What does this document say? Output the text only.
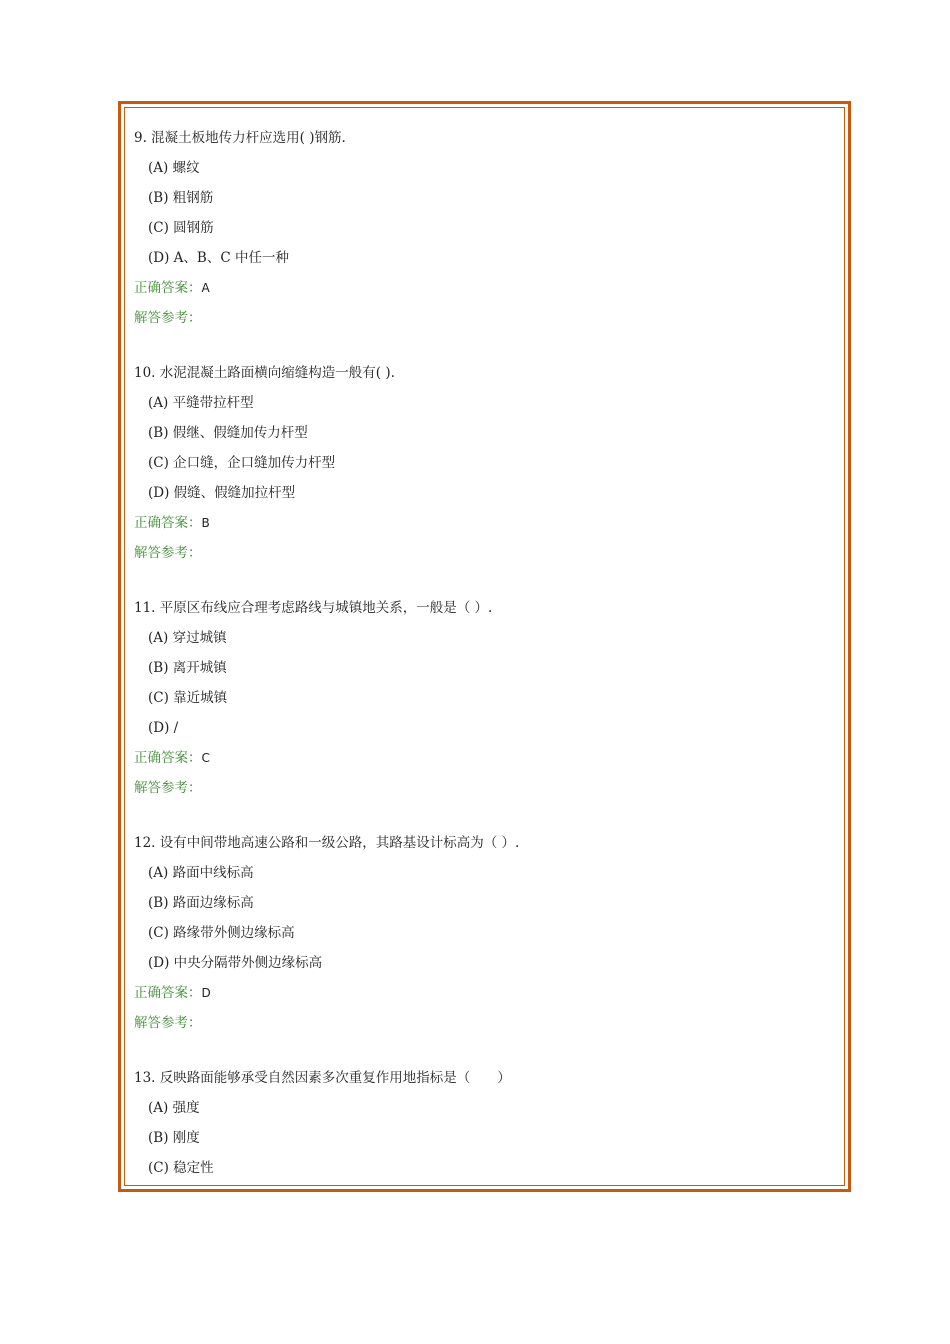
9. 混凝土板地传力杆应选用( )钢筋.
(A) 螺纹
(B) 粗钢筋
(C) 圆钢筋
(D) A、B、C 中任一种
正确答案：A
解答参考：
10. 水泥混凝土路面横向缩缝构造一般有( ).
(A) 平缝带拉杆型
(B) 假继、假缝加传力杆型
(C) 企口缝，企口缝加传力杆型
(D) 假缝、假缝加拉杆型
正确答案：B
解答参考：
11. 平原区布线应合理考虑路线与城镇地关系，一般是（ ）.
(A) 穿过城镇
(B) 离开城镇
(C) 靠近城镇
(D) /
正确答案：C
解答参考：
12. 设有中间带地高速公路和一级公路，其路基设计标高为（ ）.
(A) 路面中线标高
(B) 路面边缘标高
(C) 路缘带外侧边缘标高
(D) 中央分隔带外侧边缘标高
正确答案：D
解答参考：
13. 反映路面能够承受自然因素多次重复作用地指标是（　　）
(A) 强度
(B) 刚度
(C) 稳定性
